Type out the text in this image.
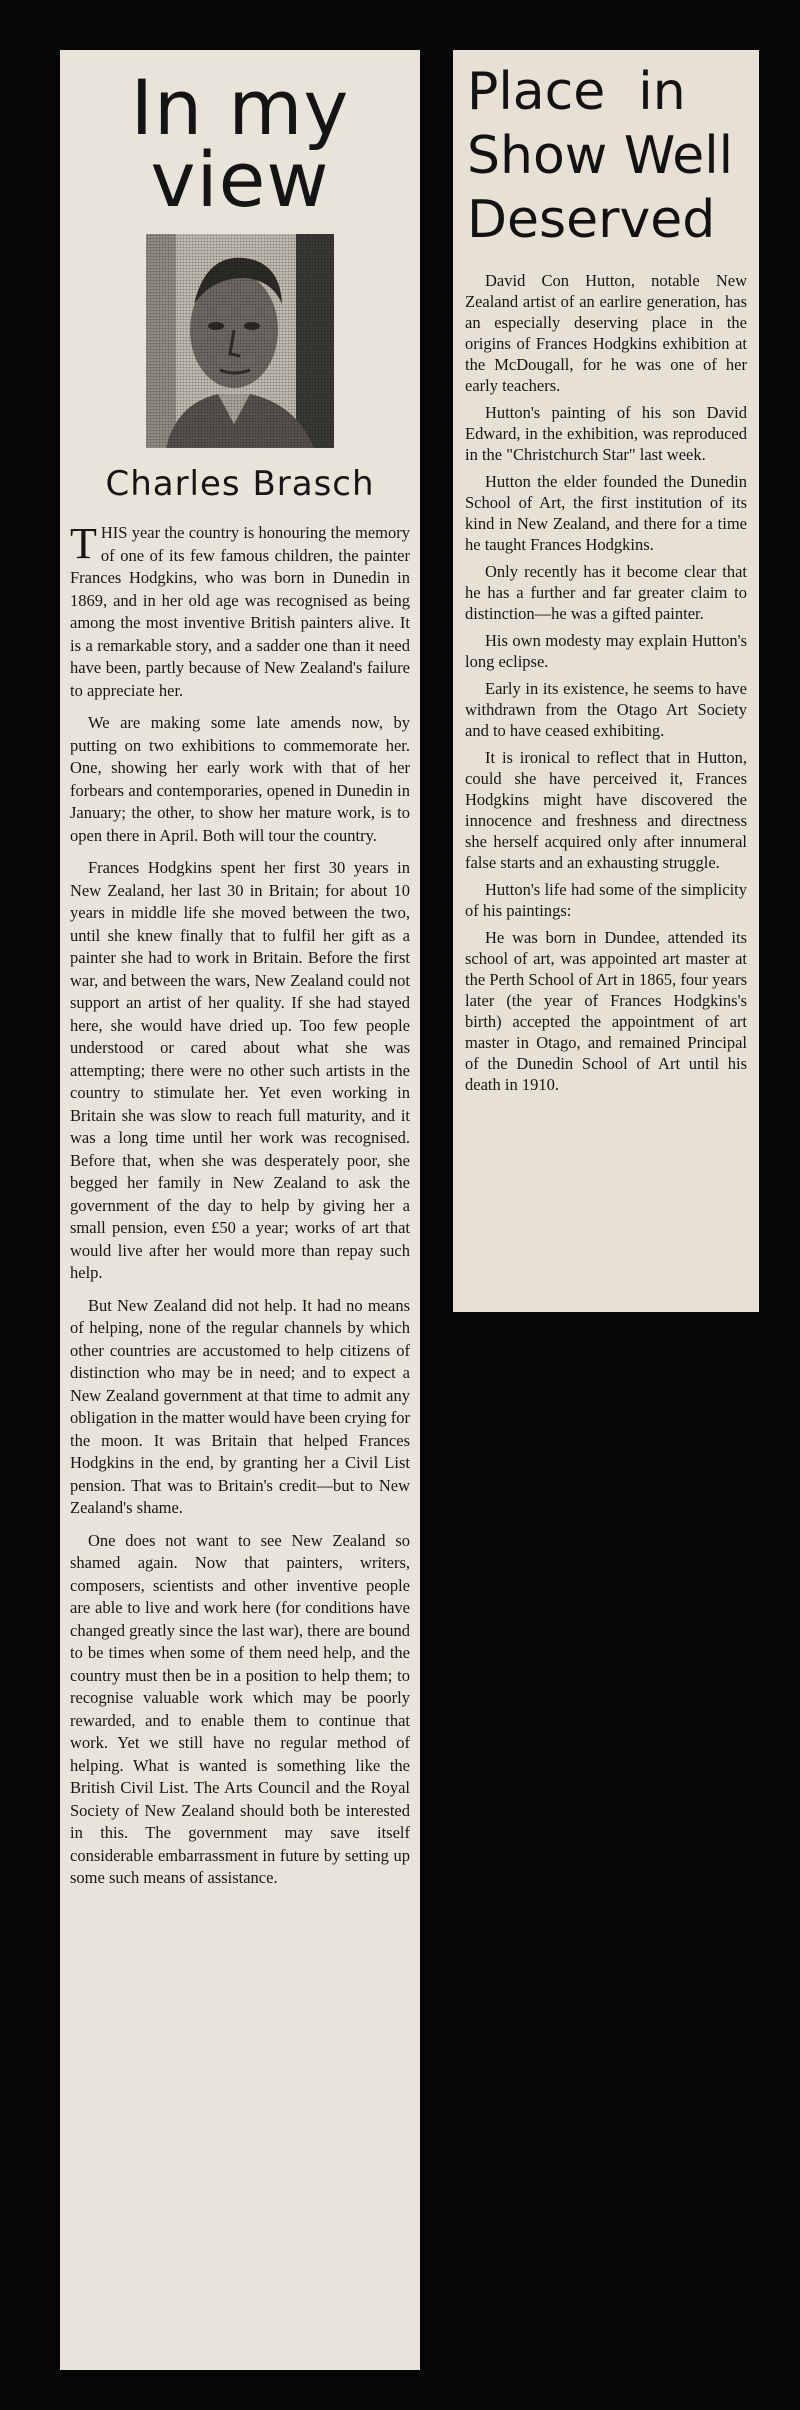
In my
view
Charles Brasch

THIS year the country is honouring the memory of one of its few famous children, the painter Frances Hodgkins, who was born in Dunedin in 1869, and in her old age was recognised as being among the most inventive British painters alive. It is a remarkable story, and a sadder one than it need have been, partly because of New Zealand's failure to appreciate her.

We are making some late amends now, by putting on two exhibitions to commemorate her. One, showing her early work with that of her forbears and contemporaries, opened in Dunedin in January; the other, to show her mature work, is to open there in April. Both will tour the country.

Frances Hodgkins spent her first 30 years in New Zealand, her last 30 in Britain; for about 10 years in middle life she moved between the two, until she knew finally that to fulfil her gift as a painter she had to work in Britain. Before the first war, and between the wars, New Zealand could not support an artist of her quality. If she had stayed here, she would have dried up. Too few people understood or cared about what she was attempting; there were no other such artists in the country to stimulate her. Yet even working in Britain she was slow to reach full maturity, and it was a long time until her work was recognised. Before that, when she was desperately poor, she begged her family in New Zealand to ask the government of the day to help by giving her a small pension, even £50 a year; works of art that would live after her would more than repay such help.

But New Zealand did not help. It had no means of helping, none of the regular channels by which other countries are accustomed to help citizens of distinction who may be in need; and to expect a New Zealand government at that time to admit any obligation in the matter would have been crying for the moon. It was Britain that helped Frances Hodgkins in the end, by granting her a Civil List pension. That was to Britain's credit—but to New Zealand's shame.

One does not want to see New Zealand so shamed again. Now that painters, writers, composers, scientists and other inventive people are able to live and work here (for conditions have changed greatly since the last war), there are bound to be times when some of them need help, and the country must then be in a position to help them; to recognise valuable work which may be poorly rewarded, and to enable them to continue that work. Yet we still have no regular method of helping. What is wanted is something like the British Civil List. The Arts Council and the Royal Society of New Zealand should both be interested in this. The government may save itself considerable embarrassment in future by setting up some such means of assistance.

Place  in
Show Well
Deserved

David Con Hutton, notable New Zealand artist of an earlire generation, has an especially deserving place in the origins of Frances Hodgkins exhibition at the McDougall, for he was one of her early teachers.

Hutton's painting of his son David Edward, in the exhibition, was reproduced in the "Christchurch Star" last week.

Hutton the elder founded the Dunedin School of Art, the first institution of its kind in New Zealand, and there for a time he taught Frances Hodgkins.

Only recently has it become clear that he has a further and far greater claim to distinction—he was a gifted painter.

His own modesty may explain Hutton's long eclipse.

Early in its existence, he seems to have withdrawn from the Otago Art Society and to have ceased exhibiting.

It is ironical to reflect that in Hutton, could she have perceived it, Frances Hodgkins might have discovered the innocence and freshness and directness she herself acquired only after innumeral false starts and an exhausting struggle.

Hutton's life had some of the simplicity of his paintings:

He was born in Dundee, attended its school of art, was appointed art master at the Perth School of Art in 1865, four years later (the year of Frances Hodgkins's birth) accepted the appointment of art master in Otago, and remained Principal of the Dunedin School of Art until his death in 1910.
